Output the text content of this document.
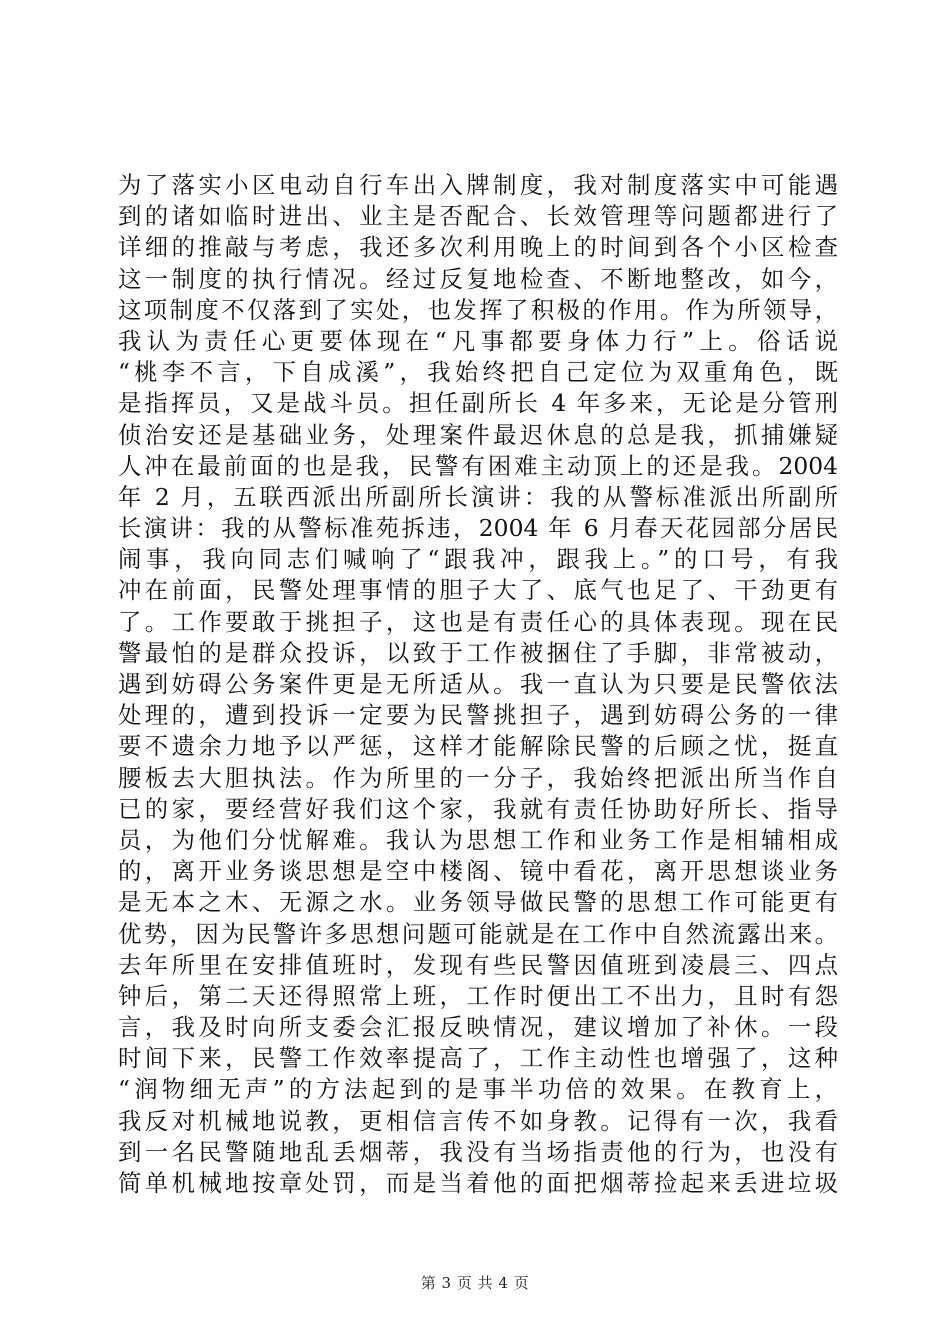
为了落实小区电动自行车出入牌制度，我对制度落实中可能遇
到的诸如临时进出、业主是否配合、长效管理等问题都进行了
详细的推敲与考虑，我还多次利用晚上的时间到各个小区检查
这一制度的执行情况。经过反复地检查、不断地整改，如今，
这项制度不仅落到了实处，也发挥了积极的作用。作为所领导，
我认为责任心更要体现在“凡事都要身体力行”上。俗话说
“桃李不言，下自成溪”，我始终把自己定位为双重角色，既
是指挥员，又是战斗员。担任副所长 4 年多来，无论是分管刑
侦治安还是基础业务，处理案件最迟休息的总是我，抓捕嫌疑
人冲在最前面的也是我，民警有困难主动顶上的还是我。2004
年 2 月，五联西派出所副所长演讲：我的从警标准派出所副所
长演讲：我的从警标准苑拆违，2004 年 6 月春天花园部分居民
闹事，我向同志们喊响了“跟我冲，跟我上。”的口号，有我
冲在前面，民警处理事情的胆子大了、底气也足了、干劲更有
了。工作要敢于挑担子，这也是有责任心的具体表现。现在民
警最怕的是群众投诉，以致于工作被捆住了手脚，非常被动，
遇到妨碍公务案件更是无所适从。我一直认为只要是民警依法
处理的，遭到投诉一定要为民警挑担子，遇到妨碍公务的一律
要不遗余力地予以严惩，这样才能解除民警的后顾之忧，挺直
腰板去大胆执法。作为所里的一分子，我始终把派出所当作自
已的家，要经营好我们这个家，我就有责任协助好所长、指导
员，为他们分忧解难。我认为思想工作和业务工作是相辅相成
的，离开业务谈思想是空中楼阁、镜中看花，离开思想谈业务
是无本之木、无源之水。业务领导做民警的思想工作可能更有
优势，因为民警许多思想问题可能就是在工作中自然流露出来。
去年所里在安排值班时，发现有些民警因值班到凌晨三、四点
钟后，第二天还得照常上班，工作时便出工不出力，且时有怨
言，我及时向所支委会汇报反映情况，建议增加了补休。一段
时间下来，民警工作效率提高了，工作主动性也增强了，这种
“润物细无声”的方法起到的是事半功倍的效果。在教育上，
我反对机械地说教，更相信言传不如身教。记得有一次，我看
到一名民警随地乱丢烟蒂，我没有当场指责他的行为，也没有
简单机械地按章处罚，而是当着他的面把烟蒂捡起来丢进垃圾
第 3 页 共 4 页
